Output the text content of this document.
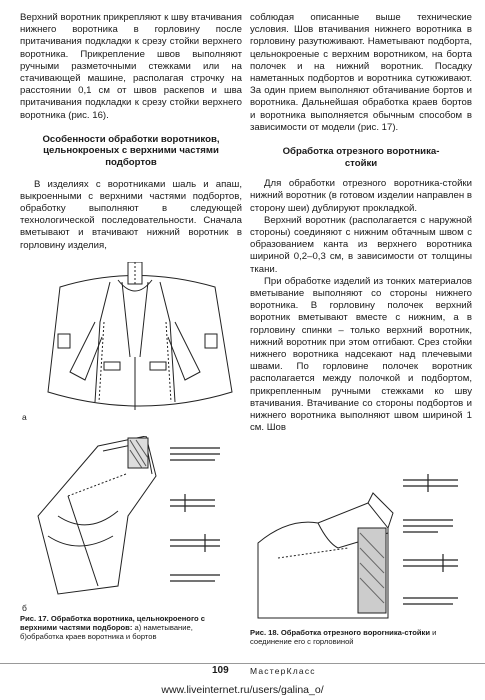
Верхний воротник прикрепляют к шву втачивания нижнего воротника в горловину после притачивания подкладки к срезу стойки верхнего воротника. Прикрепление швов выполняют ручными разметочными стежками или на стачивающей машине, располагая строчку на расстоянии 0,1 см от швов раскепов и шва притачивания подкладки к срезу стойки верхнего воротника (рис. 16).

Особенности обработки воротников,
цельнокроеных с верхними частями
подбортов

В изделиях с воротниками шаль и апаш, выкроенными с верхними частями подбортов, обработку выполняют в следующей технологической последовательности. Сначала вметывают и втачивают нижний воротник в горловину изделия,

а
б

Рис. 17. Обработка воротника, цельнокроеного с верхними частями подборов: а) наметывание, б)обработка краев воротника и бортов

соблюдая описанные выше технические условия. Шов втачивания нижнего воротника в горловину разутюживают. Наметывают подборта, цельнокроеные с верхним воротником, на борта полочек и на нижний воротник. Посадку наметанных подбортов и воротника сутюживают. За один прием выполняют обтачивание бортов и воротника. Дальнейшая обработка краев бортов и воротника выполняется обычным способом в зависимости от модели (рис. 17).

Обработка отрезного воротника-
стойки

Для обработки отрезного воротника-стойки нижний воротник (в готовом изделии направлен в сторону шеи) дублируют прокладкой.

Верхний воротник (располагается с наружной стороны) соединяют с нижним обтачным швом с образованием канта из верхнего воротника шириной 0,2–0,3 см, в зависимости от толщины ткани.

При обработке изделий из тонких материалов вметывание выполняют со стороны нижнего воротника. В горловину полочек верхний воротник вметывают вместе с нижним, а в горловину спинки – только верхний воротник, нижний воротник при этом отгибают. Срез стойки нижнего воротника надсекают над плечевыми швами. По горловине полочек воротник располагается между полочкой и подбортом, прикрепленным ручными стежками ко шву втачивания. Втачивание со стороны подбортов и нижнего воротника выполняют швом шириной 1 см. Шов

Рис. 18. Обработка отрезного вороrника-стойки и соединение его с горловиной

109	МастерКласс
www.liveinternet.ru/users/galina_o/
